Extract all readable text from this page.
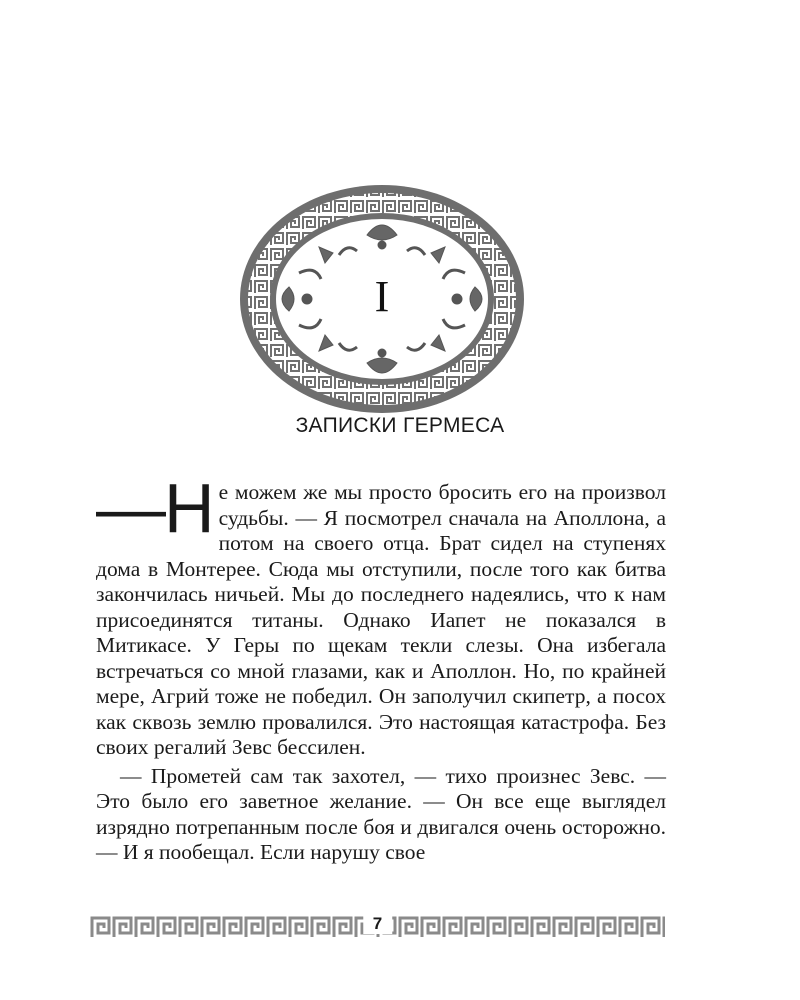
I
ЗАПИСКИ ГЕРМЕСА

—Н е можем же мы просто бросить его на произвол судьбы. — Я посмотрел сначала на Аполлона, а потом на своего отца. Брат сидел на ступенях дома в Монтерее. Сюда мы отступили, после того как битва закончилась ничьей. Мы до последнего надеялись, что к нам присоединятся титаны. Однако Иапет не показался в Митикасе. У Геры по щекам текли слезы. Она избегала встречаться со мной глазами, как и Аполлон. Но, по крайней мере, Агрий тоже не победил. Он заполучил скипетр, а посох как сквозь землю провалился. Это настоящая катастрофа. Без своих регалий Зевс бессилен.

— Прометей сам так захотел, — тихо произнес Зевс. — Это было его заветное желание. — Он все еще выглядел изрядно потрепанным после боя и двигался очень осторожно. — И я пообещал. Если нарушу свое

7
